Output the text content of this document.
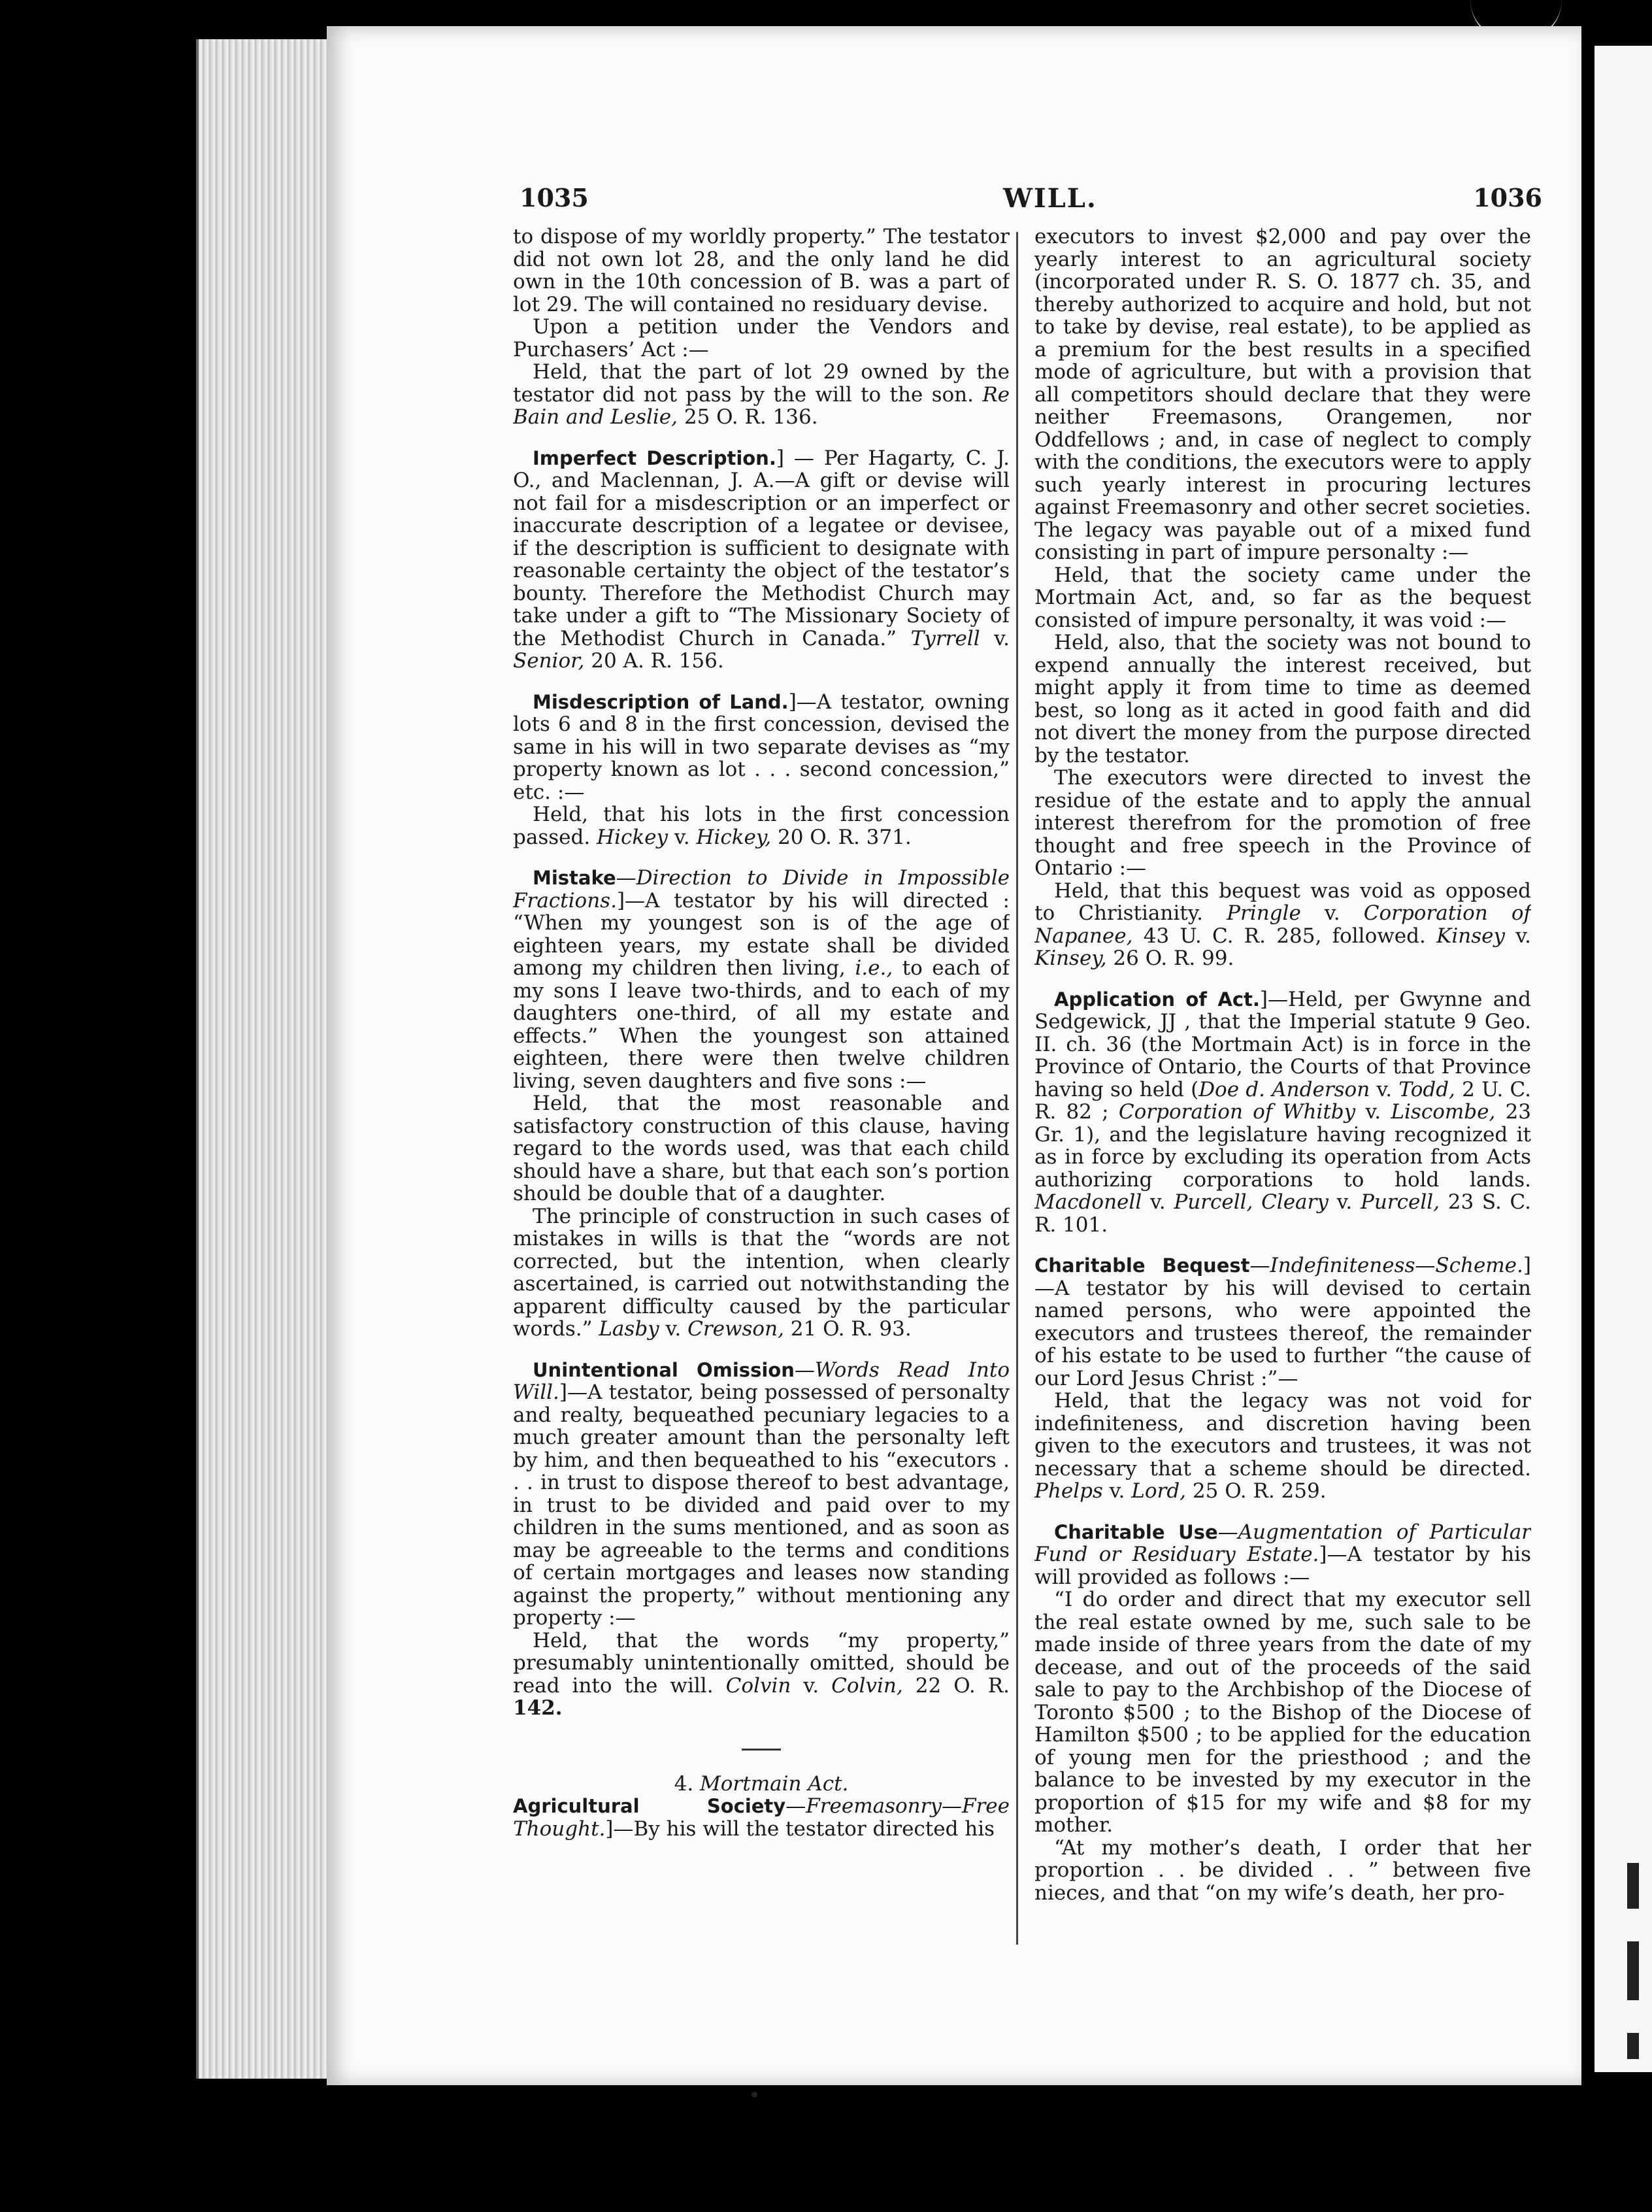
1035	WILL.	1036

to dispose of my worldly property.” The testator did not own lot 28, and the only land he did own in the 10th concession of B. was a part of lot 29. The will contained no residuary devise.

Upon a petition under the Vendors and Purchasers’ Act :—

Held, that the part of lot 29 owned by the testator did not pass by the will to the son. Re Bain and Leslie, 25 O. R. 136.

Imperfect Description.] — Per Hagarty, C. J. O., and Maclennan, J. A.—A gift or devise will not fail for a misdescription or an imperfect or inaccurate description of a legatee or devisee, if the description is sufficient to designate with reasonable certainty the object of the testator’s bounty. Therefore the Methodist Church may take under a gift to “The Missionary Society of the Methodist Church in Canada.” Tyrrell v. Senior, 20 A. R. 156.

Misdescription of Land.]—A testator, owning lots 6 and 8 in the first concession, devised the same in his will in two separate devises as “my property known as lot . . . second concession,” etc. :—

Held, that his lots in the first concession passed. Hickey v. Hickey, 20 O. R. 371.

Mistake—Direction to Divide in Impossible Fractions.]—A testator by his will directed : “When my youngest son is of the age of eighteen years, my estate shall be divided among my children then living, i.e., to each of my sons I leave two-thirds, and to each of my daughters one-third, of all my estate and effects.” When the youngest son attained eighteen, there were then twelve children living, seven daughters and five sons :—

Held, that the most reasonable and satisfactory construction of this clause, having regard to the words used, was that each child should have a share, but that each son’s portion should be double that of a daughter.

The principle of construction in such cases of mistakes in wills is that the “words are not corrected, but the intention, when clearly ascertained, is carried out notwithstanding the apparent difficulty caused by the particular words.” Lasby v. Crewson, 21 O. R. 93.

Unintentional Omission—Words Read Into Will.]—A testator, being possessed of personalty and realty, bequeathed pecuniary legacies to a much greater amount than the personalty left by him, and then bequeathed to his “executors . . . in trust to dispose thereof to best advantage, in trust to be divided and paid over to my children in the sums mentioned, and as soon as may be agreeable to the terms and conditions of certain mortgages and leases now standing against the property,” without mentioning any property :—

Held, that the words “my property,” presumably unintentionally omitted, should be read into the will. Colvin v. Colvin, 22 O. R. 142.

4. Mortmain Act.

Agricultural Society—Freemasonry—Free Thought.]—By his will the testator directed his

executors to invest $2,000 and pay over the yearly interest to an agricultural society (incorporated under R. S. O. 1877 ch. 35, and thereby authorized to acquire and hold, but not to take by devise, real estate), to be applied as a premium for the best results in a specified mode of agriculture, but with a provision that all competitors should declare that they were neither Freemasons, Orangemen, nor Oddfellows ; and, in case of neglect to comply with the conditions, the executors were to apply such yearly interest in procuring lectures against Freemasonry and other secret societies. The legacy was payable out of a mixed fund consisting in part of impure personalty :—

Held, that the society came under the Mortmain Act, and, so far as the bequest consisted of impure personalty, it was void :—

Held, also, that the society was not bound to expend annually the interest received, but might apply it from time to time as deemed best, so long as it acted in good faith and did not divert the money from the purpose directed by the testator.

The executors were directed to invest the residue of the estate and to apply the annual interest therefrom for the promotion of free thought and free speech in the Province of Ontario :—

Held, that this bequest was void as opposed to Christianity. Pringle v. Corporation of Napanee, 43 U. C. R. 285, followed. Kinsey v. Kinsey, 26 O. R. 99.

Application of Act.]—Held, per Gwynne and Sedgewick, JJ , that the Imperial statute 9 Geo. II. ch. 36 (the Mortmain Act) is in force in the Province of Ontario, the Courts of that Province having so held (Doe d. Anderson v. Todd, 2 U. C. R. 82 ; Corporation of Whitby v. Liscombe, 23 Gr. 1), and the legislature having recognized it as in force by excluding its operation from Acts authorizing corporations to hold lands. Macdonell v. Purcell, Cleary v. Purcell, 23 S. C. R. 101.

Charitable Bequest—Indefiniteness—Scheme.]—A testator by his will devised to certain named persons, who were appointed the executors and trustees thereof, the remainder of his estate to be used to further “the cause of our Lord Jesus Christ :”—

Held, that the legacy was not void for indefiniteness, and discretion having been given to the executors and trustees, it was not necessary that a scheme should be directed. Phelps v. Lord, 25 O. R. 259.

Charitable Use—Augmentation of Particular Fund or Residuary Estate.]—A testator by his will provided as follows :—

“I do order and direct that my executor sell the real estate owned by me, such sale to be made inside of three years from the date of my decease, and out of the proceeds of the said sale to pay to the Archbishop of the Diocese of Toronto $500 ; to the Bishop of the Diocese of Hamilton $500 ; to be applied for the education of young men for the priesthood ; and the balance to be invested by my executor in the proportion of $15 for my wife and $8 for my mother.

“At my mother’s death, I order that her proportion . . be divided . . ” between five nieces, and that “on my wife’s death, her pro-
